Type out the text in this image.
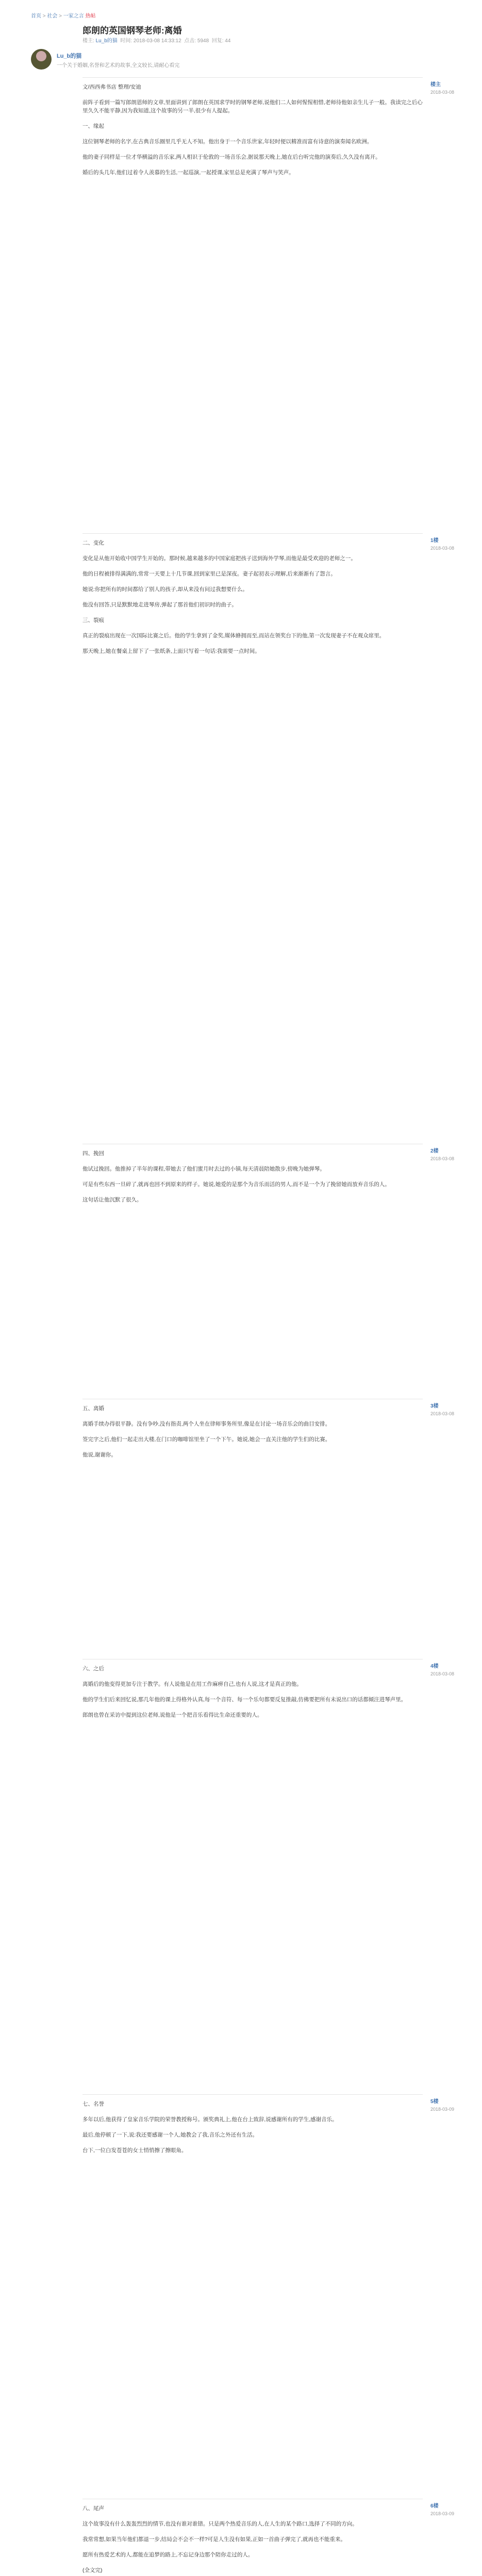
首页 > 社会 > 一家之言 热帖
郎朗的英国钢琴老师:离婚
楼主: Lu_b的猫 时间: 2018-03-08 14:33:12 点击: 5948 回复: 44
Lu_b的猫
一个关于婚姻,名誉和艺术的故事,全文较长,请耐心看完

文/西西弗书店 整理/安迪

前阵子看到一篇写郎朗恩师的文章,里面讲到了郎朗在英国求学时的钢琴老师,说他们二人如何惺惺相惜,老师待他如亲生儿子一般。我读完之后心里久久不能平静,因为我知道,这个故事的另一半,很少有人提起。

一、缘起

这位钢琴老师的名字,在古典音乐圈里几乎无人不知。他出身于一个音乐世家,年轻时便以精准而富有诗意的演奏闻名欧洲。

他的妻子同样是一位才华横溢的音乐家,两人相识于伦敦的一场音乐会,据说那天晚上,她在后台听完他的演奏后,久久没有离开。

婚后的头几年,他们过着令人羡慕的生活,一起巡演,一起授课,家里总是充满了琴声与笑声。

二、变化

变化是从他开始收中国学生开始的。那时候,越来越多的中国家庭把孩子送到海外学琴,而他是最受欢迎的老师之一。

他的日程被排得满满的,常常一天要上十几节课,回到家里已是深夜。妻子起初表示理解,后来渐渐有了怨言。

她说:你把所有的时间都给了别人的孩子,却从来没有问过我想要什么。

他没有回答,只是默默地走进琴房,弹起了那首他们初识时的曲子。

三、裂痕

真正的裂痕出现在一次国际比赛之后。他的学生拿到了金奖,媒体蜂拥而至,而站在领奖台下的他,第一次发现妻子不在观众席里。

那天晚上,她在餐桌上留下了一张纸条,上面只写着一句话:我需要一点时间。

四、挽回

他试过挽回。他推掉了半年的课程,带她去了他们蜜月时去过的小镇,每天清晨陪她散步,傍晚为她弹琴。

可是有些东西一旦碎了,就再也回不到原来的样子。她说,她爱的是那个为音乐而活的男人,而不是一个为了挽留她而放弃音乐的人。

这句话让他沉默了很久。

五、离婚

离婚手续办得很平静。没有争吵,没有指责,两个人坐在律师事务所里,像是在讨论一场音乐会的曲目安排。

签完字之后,他们一起走出大楼,在门口的咖啡馆里坐了一个下午。她说,她会一直关注他的学生们的比赛。

他说,谢谢你。

六、之后

离婚后的他变得更加专注于教学。有人说他是在用工作麻痹自己,也有人说,这才是真正的他。

他的学生们后来回忆说,那几年他的课上得格外认真,每一个音符、每一个乐句都要反复推敲,仿佛要把所有未说出口的话都倾注进琴声里。

郎朗也曾在采访中提到这位老师,说他是一个把音乐看得比生命还重要的人。

七、名誉

多年以后,他获得了皇家音乐学院的荣誉教授称号。颁奖典礼上,他在台上致辞,说感谢所有的学生,感谢音乐。

最后,他停顿了一下,说:我还要感谢一个人,她教会了我,音乐之外还有生活。

台下,一位白发苍苍的女士悄悄擦了擦眼角。

八、尾声

这个故事没有什么轰轰烈烈的情节,也没有谁对谁错。只是两个热爱音乐的人,在人生的某个路口,选择了不同的方向。

我常常想,如果当年他们都退一步,结局会不会不一样?可是人生没有如果,正如一首曲子弹完了,就再也不能重来。

愿所有热爱艺术的人,都能在追梦的路上,不忘记身边那个陪你走过的人。

(全文完)

楼主
2018-03-08
1楼
2018-03-08
2楼
2018-03-08
3楼
2018-03-08
4楼
2018-03-08
5楼
2018-03-09
6楼
2018-03-09
